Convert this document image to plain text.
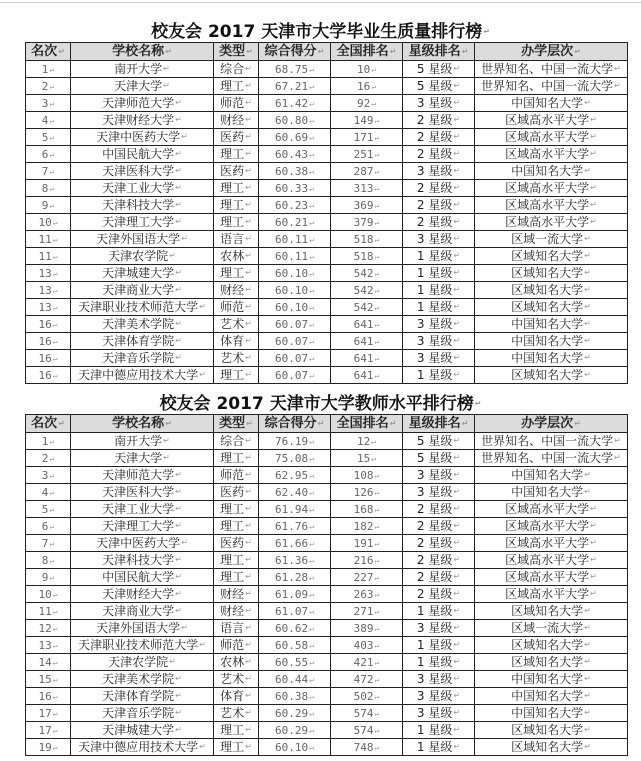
校友会 2017 天津市大学毕业生质量排行榜 ↵
名次 ↵	学校名称 ↵	类型 ↵	综合得分 ↵	全国排名 ↵	星级排名 ↵	办学层次 ↵
1 ↵	南开大学 ↵	综合 ↵	68.75 ↵	10 ↵	5 星级 ↵	世界知名、中国一流大学 ↵
2 ↵	天津大学 ↵	理工 ↵	67.21 ↵	16 ↵	5 星级 ↵	世界知名、中国一流大学 ↵
3 ↵	天津师范大学 ↵	师范 ↵	61.42 ↵	92 ↵	3 星级 ↵	中国知名大学 ↵
4 ↵	天津财经大学 ↵	财经 ↵	60.80 ↵	149 ↵	2 星级 ↵	区域高水平大学 ↵
5 ↵	天津中医药大学 ↵	医药 ↵	60.69 ↵	171 ↵	2 星级 ↵	区域高水平大学 ↵
6 ↵	中国民航大学 ↵	理工 ↵	60.43 ↵	251 ↵	2 星级 ↵	区域高水平大学 ↵
7 ↵	天津医科大学 ↵	医药 ↵	60.38 ↵	287 ↵	3 星级 ↵	中国知名大学 ↵
8 ↵	天津工业大学 ↵	理工 ↵	60.33 ↵	313 ↵	2 星级 ↵	区域高水平大学 ↵
9 ↵	天津科技大学 ↵	理工 ↵	60.23 ↵	369 ↵	2 星级 ↵	区域高水平大学 ↵
10 ↵	天津理工大学 ↵	理工 ↵	60.21 ↵	379 ↵	2 星级 ↵	区域高水平大学 ↵
11 ↵	天津外国语大学 ↵	语言 ↵	60.11 ↵	518 ↵	3 星级 ↵	区域一流大学 ↵
11 ↵	天津农学院 ↵	农林 ↵	60.11 ↵	518 ↵	1 星级 ↵	区域知名大学 ↵
13 ↵	天津城建大学 ↵	理工 ↵	60.10 ↵	542 ↵	1 星级 ↵	区域知名大学 ↵
13 ↵	天津商业大学 ↵	财经 ↵	60.10 ↵	542 ↵	1 星级 ↵	区域知名大学 ↵
13 ↵	天津职业技术师范大学 ↵	师范 ↵	60.10 ↵	542 ↵	1 星级 ↵	区域知名大学 ↵
16 ↵	天津美术学院 ↵	艺术 ↵	60.07 ↵	641 ↵	3 星级 ↵	中国知名大学 ↵
16 ↵	天津体育学院 ↵	体育 ↵	60.07 ↵	641 ↵	3 星级 ↵	中国知名大学 ↵
16 ↵	天津音乐学院 ↵	艺术 ↵	60.07 ↵	641 ↵	3 星级 ↵	中国知名大学 ↵
16 ↵	天津中德应用技术大学 ↵	理工 ↵	60.07 ↵	641 ↵	1 星级 ↵	区域知名大学 ↵
校友会 2017 天津市大学教师水平排行榜 ↵
名次 ↵	学校名称 ↵	类型 ↵	综合得分 ↵	全国排名 ↵	星级排名 ↵	办学层次 ↵
1 ↵	南开大学 ↵	综合 ↵	76.19 ↵	12 ↵	5 星级 ↵	世界知名、中国一流大学 ↵
2 ↵	天津大学 ↵	理工 ↵	75.08 ↵	15 ↵	5 星级 ↵	世界知名、中国一流大学 ↵
3 ↵	天津师范大学 ↵	师范 ↵	62.95 ↵	108 ↵	3 星级 ↵	中国知名大学 ↵
4 ↵	天津医科大学 ↵	医药 ↵	62.40 ↵	126 ↵	3 星级 ↵	中国知名大学 ↵
5 ↵	天津工业大学 ↵	理工 ↵	61.94 ↵	168 ↵	2 星级 ↵	区域高水平大学 ↵
6 ↵	天津理工大学 ↵	理工 ↵	61.76 ↵	182 ↵	2 星级 ↵	区域高水平大学 ↵
7 ↵	天津中医药大学 ↵	医药 ↵	61.66 ↵	191 ↵	2 星级 ↵	区域高水平大学 ↵
8 ↵	天津科技大学 ↵	理工 ↵	61.36 ↵	216 ↵	2 星级 ↵	区域高水平大学 ↵
9 ↵	中国民航大学 ↵	理工 ↵	61.28 ↵	227 ↵	2 星级 ↵	区域高水平大学 ↵
10 ↵	天津财经大学 ↵	财经 ↵	61.09 ↵	263 ↵	2 星级 ↵	区域高水平大学 ↵
11 ↵	天津商业大学 ↵	财经 ↵	61.07 ↵	271 ↵	1 星级 ↵	区域知名大学 ↵
12 ↵	天津外国语大学 ↵	语言 ↵	60.62 ↵	389 ↵	3 星级 ↵	区域一流大学 ↵
13 ↵	天津职业技术师范大学 ↵	师范 ↵	60.58 ↵	403 ↵	1 星级 ↵	区域知名大学 ↵
14 ↵	天津农学院 ↵	农林 ↵	60.55 ↵	421 ↵	1 星级 ↵	区域知名大学 ↵
15 ↵	天津美术学院 ↵	艺术 ↵	60.44 ↵	472 ↵	3 星级 ↵	中国知名大学 ↵
16 ↵	天津体育学院 ↵	体育 ↵	60.38 ↵	502 ↵	3 星级 ↵	中国知名大学 ↵
17 ↵	天津音乐学院 ↵	艺术 ↵	60.29 ↵	574 ↵	3 星级 ↵	中国知名大学 ↵
17 ↵	天津城建大学 ↵	理工 ↵	60.29 ↵	574 ↵	1 星级 ↵	区域知名大学 ↵
19 ↵	天津中德应用技术大学 ↵	理工 ↵	60.10 ↵	748 ↵	1 星级 ↵	区域知名大学 ↵
